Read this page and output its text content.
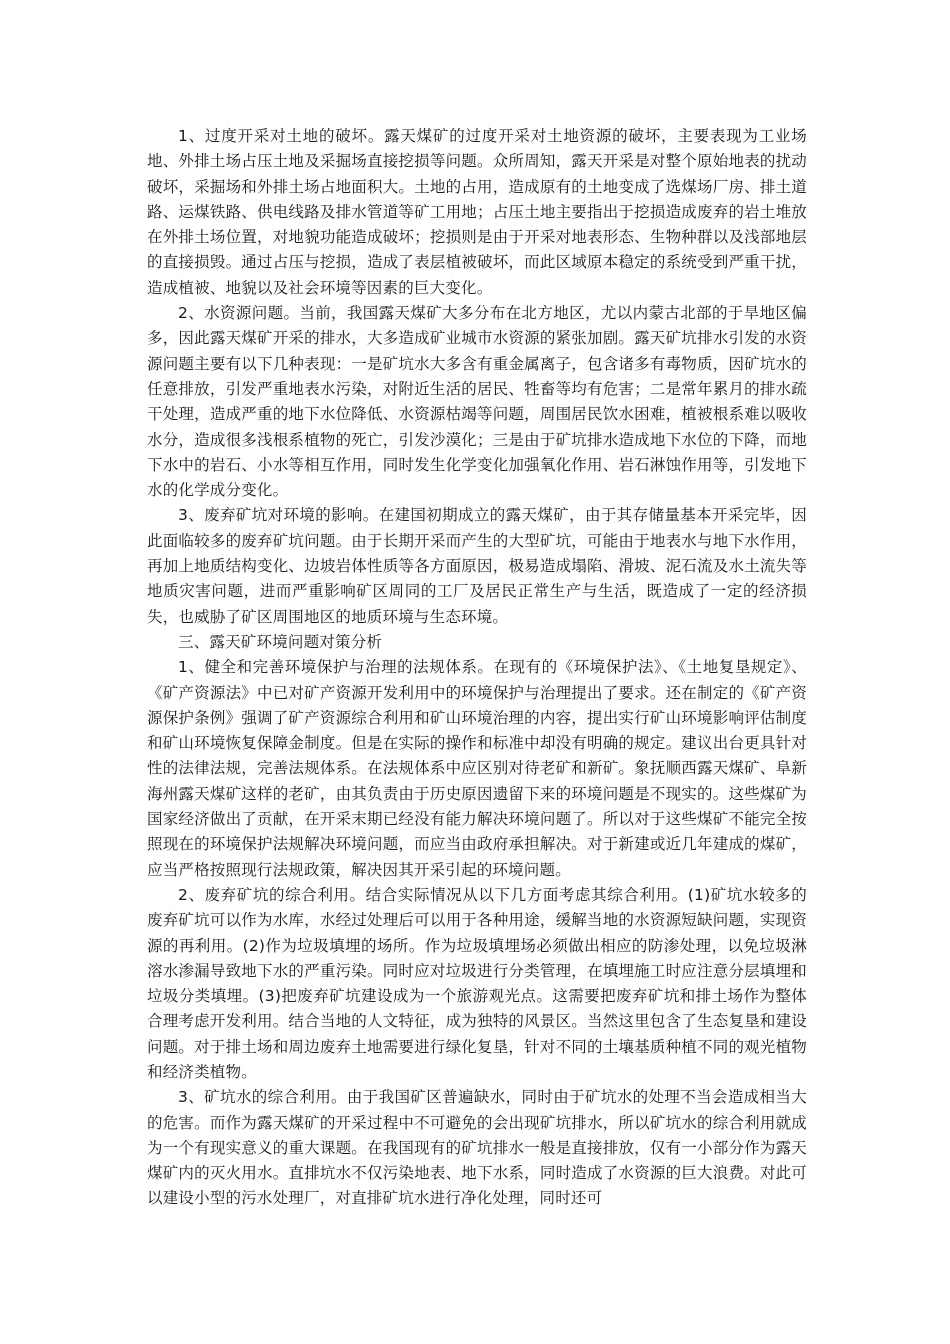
1、过度开采对土地的破坏。露天煤矿的过度开采对土地资源的破坏，主要表现为工业场地、外排土场占压土地及采掘场直接挖损等问题。众所周知，露天开采是对整个原始地表的扰动破坏，采掘场和外排土场占地面积大。土地的占用，造成原有的土地变成了选煤场厂房、排土道路、运煤铁路、供电线路及排水管道等矿工用地；占压土地主要指出于挖损造成废弃的岩土堆放在外排土场位置，对地貌功能造成破坏；挖损则是由于开采对地表形态、生物种群以及浅部地层的直接损毁。通过占压与挖损，造成了表层植被破坏，而此区域原本稳定的系统受到严重干扰，造成植被、地貌以及社会环境等因素的巨大变化。

2、水资源问题。当前，我国露天煤矿大多分布在北方地区，尤以内蒙古北部的于旱地区偏多，因此露天煤矿开采的排水，大多造成矿业城市水资源的紧张加剧。露天矿坑排水引发的水资源问题主要有以下几种表现：一是矿坑水大多含有重金属离子，包含诸多有毒物质，因矿坑水的任意排放，引发严重地表水污染，对附近生活的居民、牲畜等均有危害；二是常年累月的排水疏干处理，造成严重的地下水位降低、水资源枯竭等问题，周围居民饮水困难，植被根系难以吸收水分，造成很多浅根系植物的死亡，引发沙漠化；三是由于矿坑排水造成地下水位的下降，而地下水中的岩石、小水等相互作用，同时发生化学变化加强氧化作用、岩石淋蚀作用等，引发地下水的化学成分变化。

3、废弃矿坑对环境的影响。在建国初期成立的露天煤矿，由于其存储量基本开采完毕，因此面临较多的废弃矿坑问题。由于长期开采而产生的大型矿坑，可能由于地表水与地下水作用，再加上地质结构变化、边坡岩体性质等各方面原因，极易造成塌陷、滑坡、泥石流及水土流失等地质灾害问题，进而严重影响矿区周同的工厂及居民正常生产与生活，既造成了一定的经济损失，也威胁了矿区周围地区的地质环境与生态环境。

三、露天矿环境问题对策分析

1、健全和完善环境保护与治理的法规体系。在现有的《环境保护法》、《土地复垦规定》、《矿产资源法》中已对矿产资源开发利用中的环境保护与治理提出了要求。还在制定的《矿产资源保护条例》强调了矿产资源综合利用和矿山环境治理的内容，提出实行矿山环境影响评估制度和矿山环境恢复保障金制度。但是在实际的操作和标准中却没有明确的规定。建议出台更具针对性的法律法规，完善法规体系。在法规体系中应区别对待老矿和新矿。象抚顺西露天煤矿、阜新海州露天煤矿这样的老矿，由其负责由于历史原因遗留下来的环境问题是不现实的。这些煤矿为国家经济做出了贡献，在开采末期已经没有能力解决环境问题了。所以对于这些煤矿不能完全按照现在的环境保护法规解决环境问题，而应当由政府承担解决。对于新建或近几年建成的煤矿，应当严格按照现行法规政策，解决因其开采引起的环境问题。

2、废弃矿坑的综合利用。结合实际情况从以下几方面考虑其综合利用。(1)矿坑水较多的废弃矿坑可以作为水库，水经过处理后可以用于各种用途，缓解当地的水资源短缺问题，实现资源的再利用。(2)作为垃圾填埋的场所。作为垃圾填埋场必须做出相应的防渗处理，以免垃圾淋溶水渗漏导致地下水的严重污染。同时应对垃圾进行分类管理，在填埋施工时应注意分层填埋和垃圾分类填埋。(3)把废弃矿坑建设成为一个旅游观光点。这需要把废弃矿坑和排土场作为整体合理考虑开发利用。结合当地的人文特征，成为独特的风景区。当然这里包含了生态复垦和建设问题。对于排土场和周边废弃土地需要进行绿化复垦，针对不同的土壤基质种植不同的观光植物和经济类植物。

3、矿坑水的综合利用。由于我国矿区普遍缺水，同时由于矿坑水的处理不当会造成相当大的危害。而作为露天煤矿的开采过程中不可避免的会出现矿坑排水，所以矿坑水的综合利用就成为一个有现实意义的重大课题。在我国现有的矿坑排水一般是直接排放，仅有一小部分作为露天煤矿内的灭火用水。直排坑水不仅污染地表、地下水系，同时造成了水资源的巨大浪费。对此可以建设小型的污水处理厂，对直排矿坑水进行净化处理，同时还可
